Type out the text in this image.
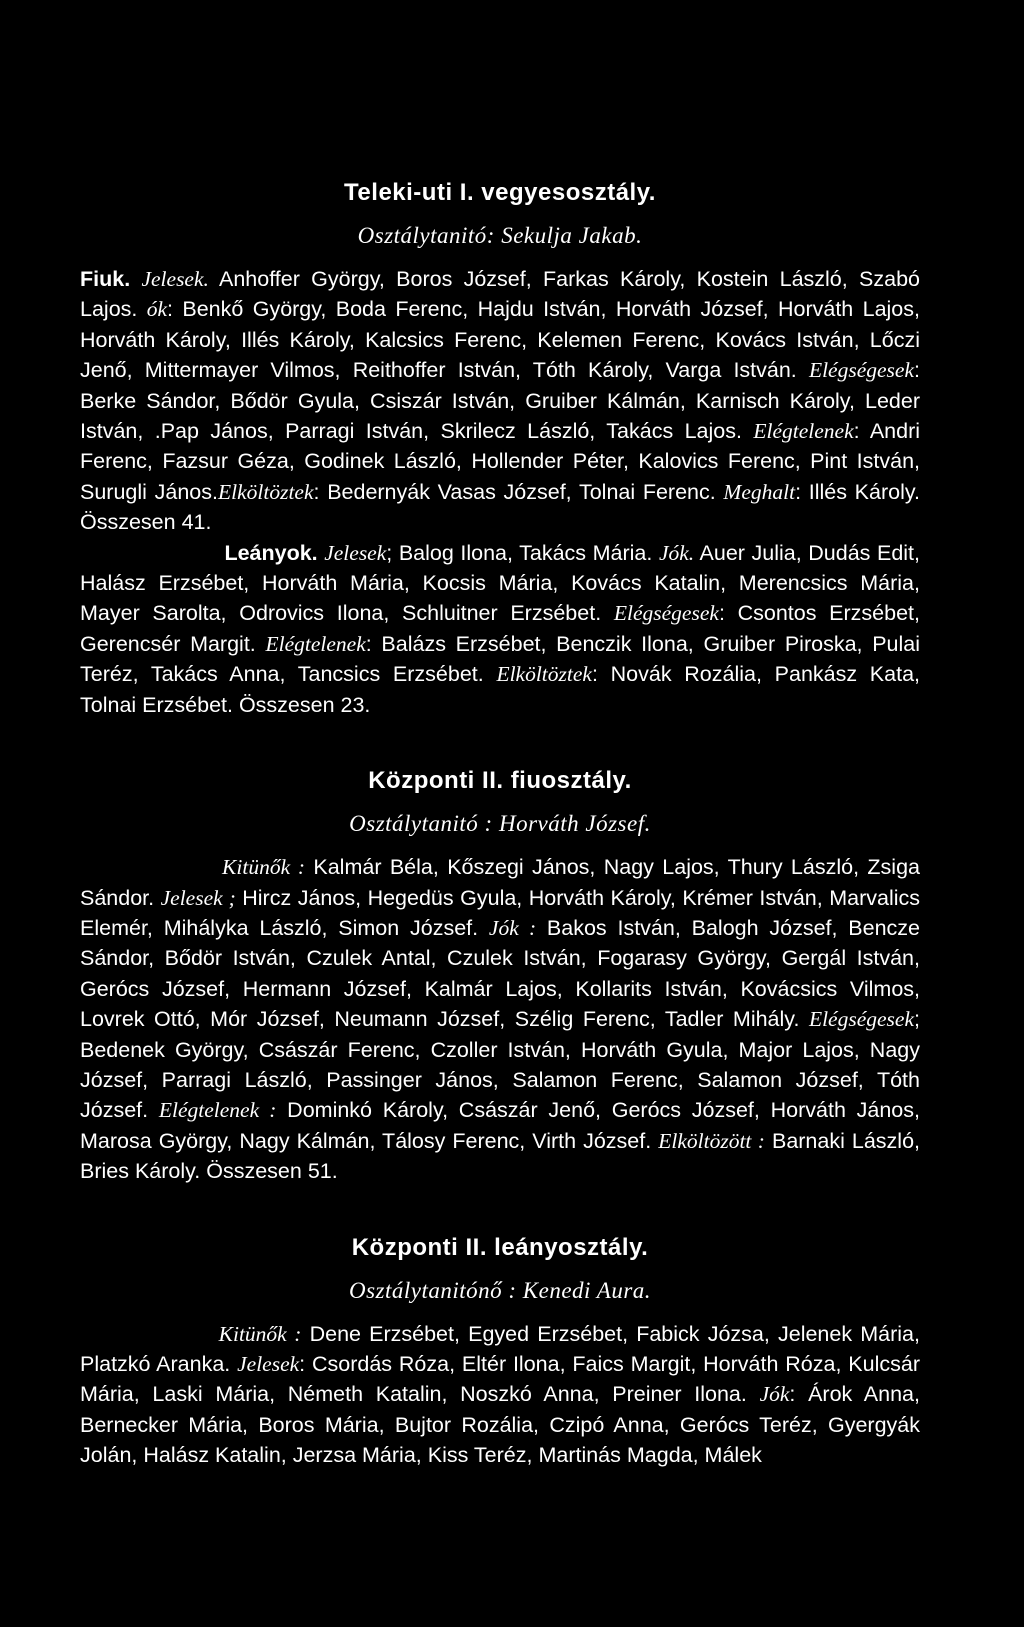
Teleki-uti I. vegyesosztály.

Osztálytanitó: Sekulja Jakab.

Fiuk. Jelesek. Anhoffer György, Boros József, Farkas Károly, Kostein László, Szabó Lajos. ók: Benkő György, Boda Ferenc, Hajdu István, Horváth József, Horváth Lajos, Horváth Károly, Illés Károly, Kalcsics Ferenc, Kelemen Ferenc, Kovács István, Lőczi Jenő, Mittermayer Vilmos, Reithoffer István, Tóth Károly, Varga István. Elégségesek: Berke Sándor, Bődör Gyula, Csiszár István, Gruiber Kálmán, Karnisch Károly, Leder István, .Pap János, Parragi István, Skrilecz László, Takács Lajos. Elégtelenek: Andri Ferenc, Fazsur Géza, Godinek László, Hollender Péter, Kalovics Ferenc, Pint István, Surugli János.Elköltöztek: Bedernyák Vasas József, Tolnai Ferenc. Meghalt: Illés Károly. Összesen 41.

Leányok. Jelesek; Balog Ilona, Takács Mária. Jók. Auer Julia, Dudás Edit, Halász Erzsébet, Horváth Mária, Kocsis Mária, Kovács Katalin, Merencsics Mária, Mayer Sarolta, Odrovics Ilona, Schluitner Erzsébet. Elégségesek: Csontos Erzsébet, Gerencsér Margit. Elégtelenek: Balázs Erzsébet, Benczik Ilona, Gruiber Piroska, Pulai Teréz, Takács Anna, Tancsics Erzsébet. Elköltöztek: Novák Rozália, Pankász Kata, Tolnai Erzsébet. Összesen 23.

Központi II. fiuosztály.

Osztálytanitó : Horváth József.

Kitünők : Kalmár Béla, Kőszegi János, Nagy Lajos, Thury László, Zsiga Sándor. Jelesek ; Hircz János, Hegedüs Gyula, Horváth Károly, Krémer István, Marvalics Elemér, Mihályka László, Simon József. Jók : Bakos István, Balogh József, Bencze Sándor, Bődör István, Czulek Antal, Czulek István, Fogarasy György, Gergál István, Gerócs József, Hermann József, Kalmár Lajos, Kollarits István, Kovácsics Vilmos, Lovrek Ottó, Mór József, Neumann József, Szélig Ferenc, Tadler Mihály. Elégségesek; Bedenek György, Császár Ferenc, Czoller István, Horváth Gyula, Major Lajos, Nagy József, Parragi László, Passinger János, Salamon Ferenc, Salamon József, Tóth József. Elégtelenek : Dominkó Károly, Császár Jenő, Gerócs József, Horváth János, Marosa György, Nagy Kálmán, Tálosy Ferenc, Virth József. Elköltözött : Barnaki László, Bries Károly. Összesen 51.

Központi II. leányosztály.

Osztálytanitónő : Kenedi Aura.

Kitünők : Dene Erzsébet, Egyed Erzsébet, Fabick Józsa, Jelenek Mária, Platzkó Aranka. Jelesek: Csordás Róza, Eltér Ilona, Faics Margit, Horváth Róza, Kulcsár Mária, Laski Mária, Németh Katalin, Noszkó Anna, Preiner Ilona. Jók: Árok Anna, Bernecker Mária, Boros Mária, Bujtor Rozália, Czipó Anna, Gerócs Teréz, Gyergyák Jolán, Halász Katalin, Jerzsa Mária, Kiss Teréz, Martinás Magda, Málek
